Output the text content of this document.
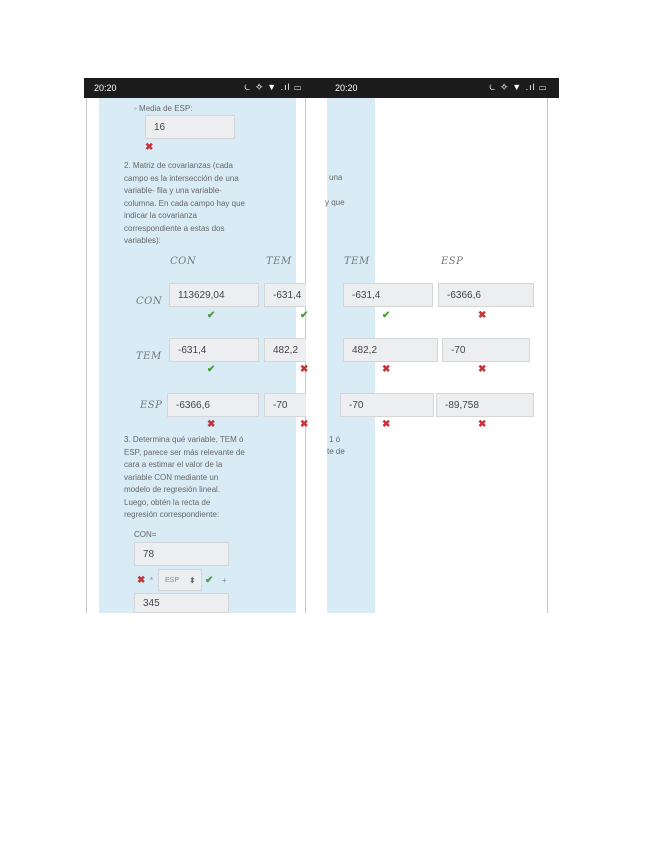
20:20	⏾ ✧ ▼ .ıl ▭	20:20	⏾ ✧ ▼ .ıl ▭
◦ Media de ESP:
16
✖
2. Matriz de covarianzas (cada
campo es la intersección de una
variable- fila y una variable-
columna. En cada campo hay que
indicar la covarianza
correspondiente a estas dos
variables):
una
y que
CON	TEM	TEM	ESP
CON
113629,04	-631,4	-631,4	-6366,6
✔	✔	✔	✖
TEM
-631,4	482,2	482,2	-70
✔	✖	✖	✖
ESP	-6366,6	-70	-70	-89,758
✖	✖	✖	✖
3. Determina qué variable, TEM ó
ESP, parece ser más relevante de
cara a estimar el valor de la
variable CON mediante un
modelo de regresión lineal.
Luego, obtén la recta de
regresión correspondiente:
1 ó
te de
CON=
78
✖ * ESP ⬍ ✔ +
345
